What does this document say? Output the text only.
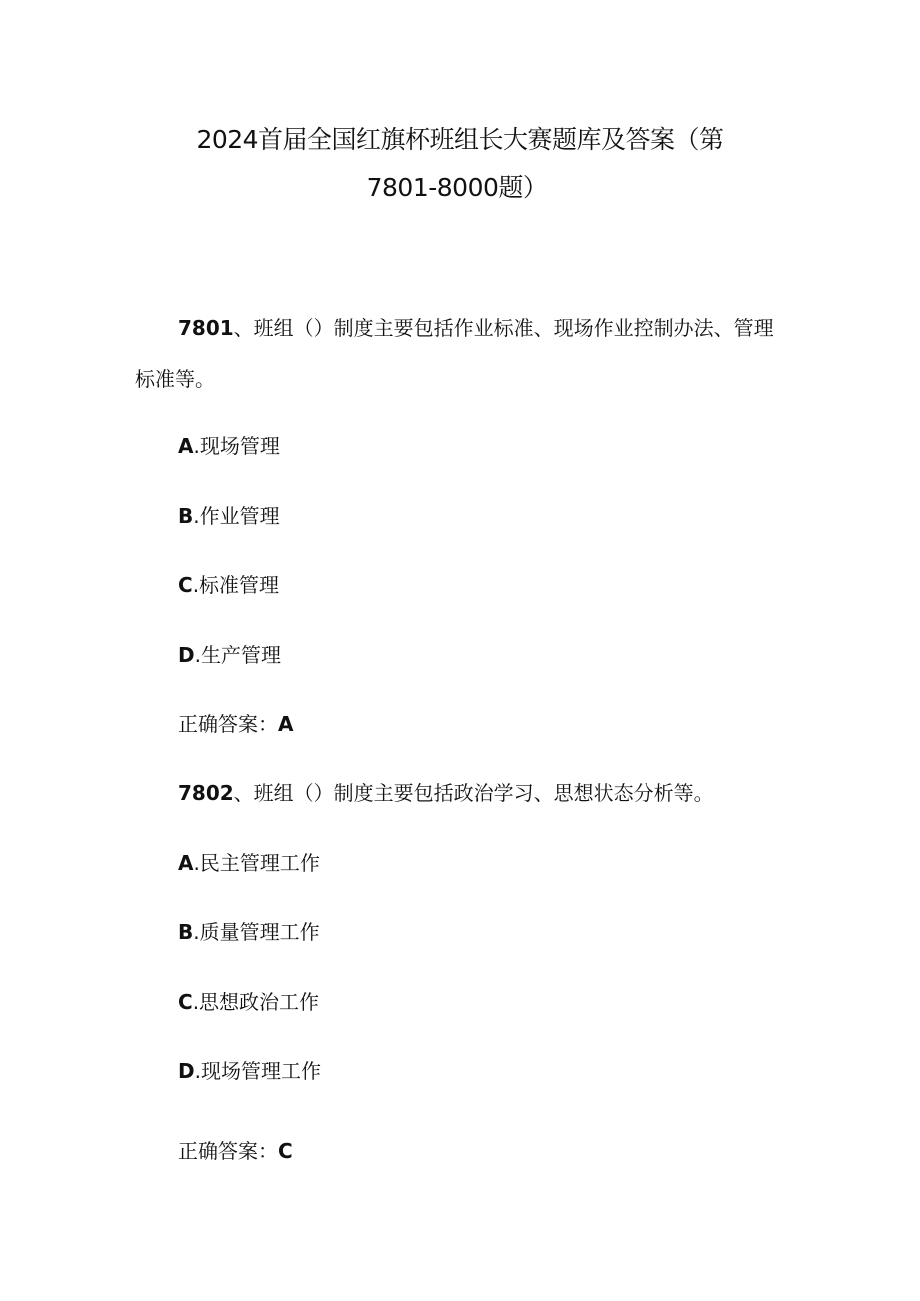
2024首届全国红旗杯班组长大赛题库及答案（第
7801-8000题）
7801、班组（）制度主要包括作业标准、现场作业控制办法、管理
标准等。
A.现场管理
B.作业管理
C.标准管理
D.生产管理
正确答案：A
7802、班组（）制度主要包括政治学习、思想状态分析等。
A.民主管理工作
B.质量管理工作
C.思想政治工作
D.现场管理工作
正确答案：C
